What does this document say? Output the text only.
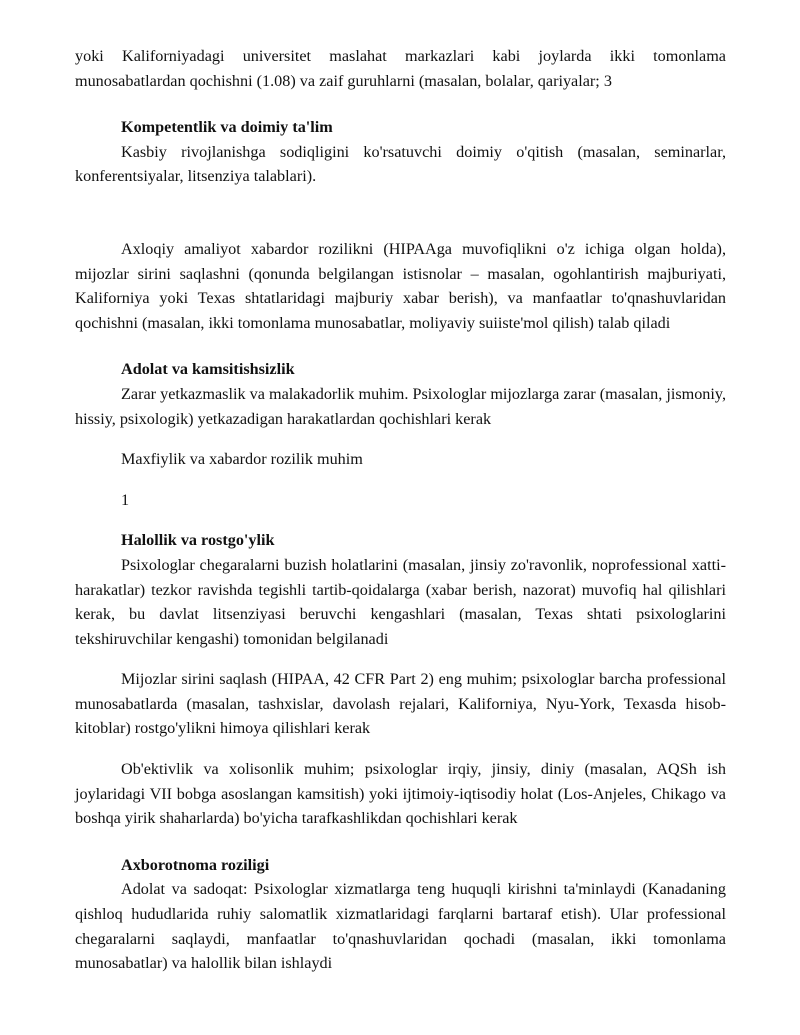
yoki Kaliforniyadagi universitet maslahat markazlari kabi joylarda ikki tomonlama munosabatlardan qochishni (1.08) va zaif guruhlarni (masalan, bolalar, qariyalar; 3

Kompetentlik va doimiy ta'lim

Kasbiy rivojlanishga sodiqligini ko'rsatuvchi doimiy o'qitish (masalan, seminarlar, konferentsiyalar, litsenziya talablari).

Axloqiy amaliyot xabardor rozilikni (HIPAAga muvofiqlikni o'z ichiga olgan holda), mijozlar sirini saqlashni (qonunda belgilangan istisnolar – masalan, ogohlantirish majburiyati, Kaliforniya yoki Texas shtatlaridagi majburiy xabar berish), va manfaatlar to'qnashuvlaridan qochishni (masalan, ikki tomonlama munosabatlar, moliyaviy suiiste'mol qilish) talab qiladi

Adolat va kamsitishsizlik

Zarar yetkazmaslik va malakadorlik muhim. Psixologlar mijozlarga zarar (masalan, jismoniy, hissiy, psixologik) yetkazadigan harakatlardan qochishlari kerak

Maxfiylik va xabardor rozilik muhim

1

Halollik va rostgo'ylik

Psixologlar chegaralarni buzish holatlarini (masalan, jinsiy zo'ravonlik, noprofessional xatti-harakatlar) tezkor ravishda tegishli tartib-qoidalarga (xabar berish, nazorat) muvofiq hal qilishlari kerak, bu davlat litsenziyasi beruvchi kengashlari (masalan, Texas shtati psixologlarini tekshiruvchilar kengashi) tomonidan belgilanadi

Mijozlar sirini saqlash (HIPAA, 42 CFR Part 2) eng muhim; psixologlar barcha professional munosabatlarda (masalan, tashxislar, davolash rejalari, Kaliforniya, Nyu-York, Texasda hisob-kitoblar) rostgo'ylikni himoya qilishlari kerak

Ob'ektivlik va xolisonlik muhim; psixologlar irqiy, jinsiy, diniy (masalan, AQSh ish joylaridagi VII bobga asoslangan kamsitish) yoki ijtimoiy-iqtisodiy holat (Los-Anjeles, Chikago va boshqa yirik shaharlarda) bo'yicha tarafkashlikdan qochishlari kerak

Axborotnoma roziligi

Adolat va sadoqat: Psixologlar xizmatlarga teng huquqli kirishni ta'minlaydi (Kanadaning qishloq hududlarida ruhiy salomatlik xizmatlaridagi farqlarni bartaraf etish). Ular professional chegaralarni saqlaydi, manfaatlar to'qnashuvlaridan qochadi (masalan, ikki tomonlama munosabatlar) va halollik bilan ishlaydi
